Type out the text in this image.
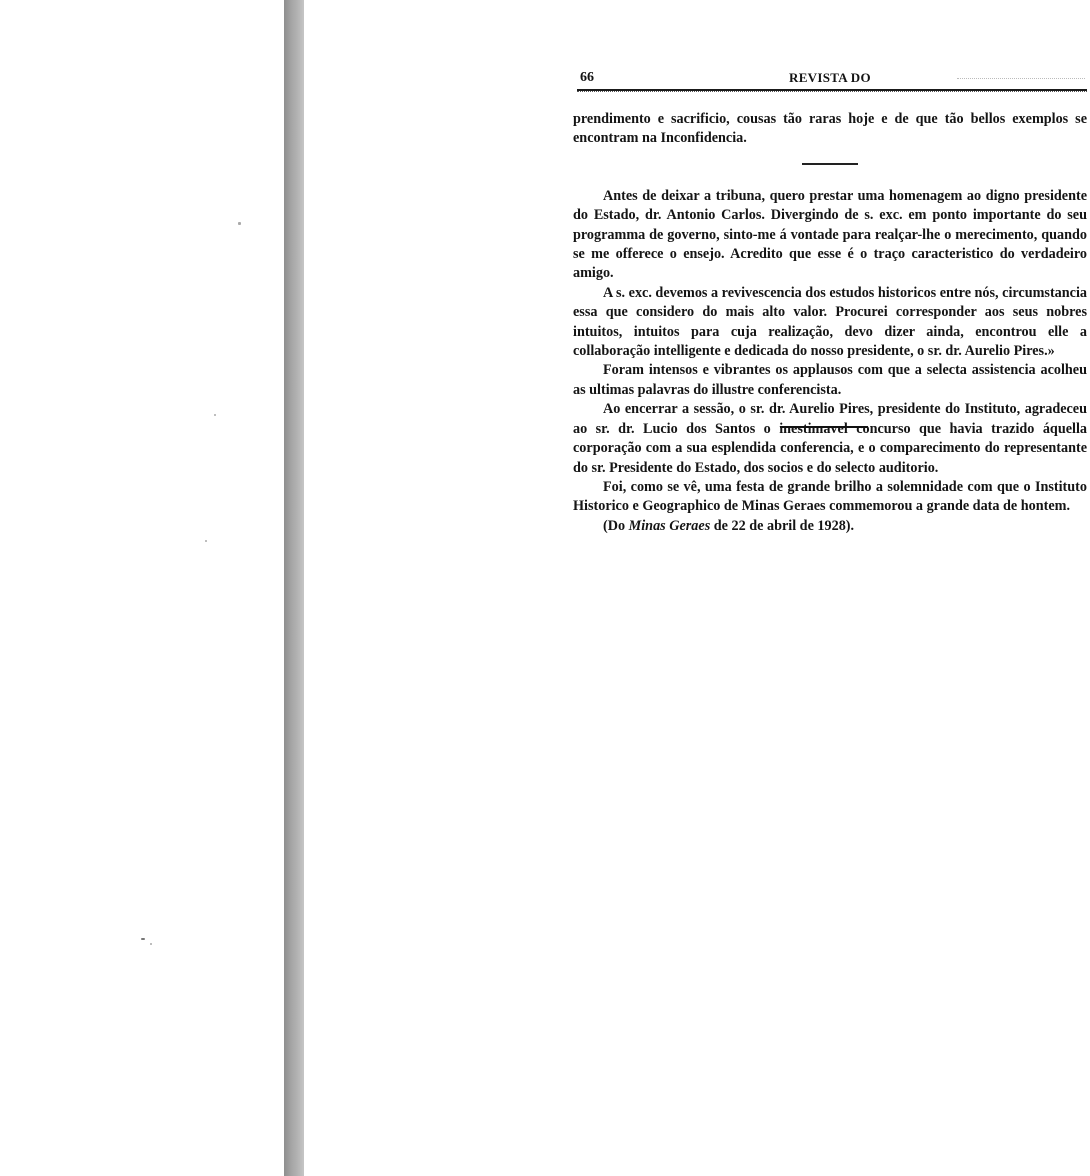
66	REVISTA DO

prendimento e sacrificio, cousas tão raras hoje e de que tão bellos exemplos se encontram na Inconfidencia.

Antes de deixar a tribuna, quero prestar uma homenagem ao digno presidente do Estado, dr. Antonio Carlos. Divergindo de s. exc. em ponto importante do seu programma de governo, sinto-me á vontade para realçar-lhe o merecimento, quando se me offerece o ensejo. Acredito que esse é o traço caracteristico do verdadeiro amigo.

A s. exc. devemos a revivescencia dos estudos historicos entre nós, circumstancia essa que considero do mais alto valor. Procurei corresponder aos seus nobres intuitos, intuitos para cuja realização, devo dizer ainda, encontrou elle a collaboração intelligente e dedicada do nosso presidente, o sr. dr. Aurelio Pires.»

Foram intensos e vibrantes os applausos com que a selecta assistencia acolheu as ultimas palavras do illustre conferencista.

Ao encerrar a sessão, o sr. dr. Aurelio Pires, presidente do Instituto, agradeceu ao sr. dr. Lucio dos Santos o inestimavel concurso que havia trazido áquella corporação com a sua esplendida conferencia, e o comparecimento do representante do sr. Presidente do Estado, dos socios e do selecto auditorio.

Foi, como se vê, uma festa de grande brilho a solemnidade com que o Instituto Historico e Geographico de Minas Geraes commemorou a grande data de hontem.

(Do Minas Geraes de 22 de abril de 1928).
